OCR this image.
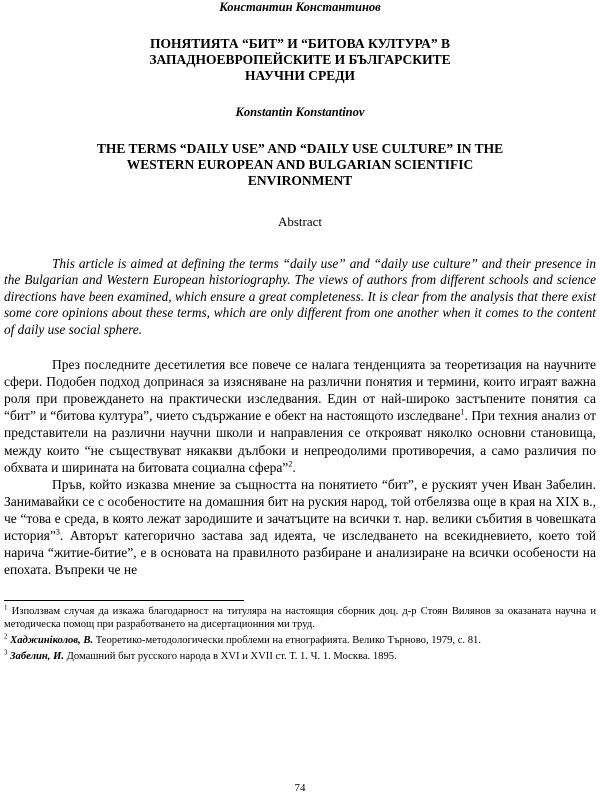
Константин Константинов

ПОНЯТИЯТА “БИТ” И “БИТОВА КУЛТУРА” В
ЗАПАДНОЕВРОПЕЙСКИТЕ И БЪЛГАРСКИТЕ
НАУЧНИ СРЕДИ

Konstantin Konstantinov

THE TERMS “DAILY USE” AND “DAILY USE CULTURE” IN THE
WESTERN EUROPEAN AND BULGARIAN SCIENTIFIC
ENVIRONMENT

Abstract

This article is aimed at defining the terms “daily use” and “daily use culture” and their presence in the Bulgarian and Western European historiography. The views of authors from different schools and science directions have been examined, which ensure a great completeness. It is clear from the analysis that there exist some core opinions about these terms, which are only different from one another when it comes to the content of daily use social sphere.

През последните десетилетия все повече се налага тенденцията за теоретизация на научните сфери. Подобен подход допринася за изясняване на различни понятия и термини, които играят важна роля при провеждането на практически изследвания. Един от най-широко застъпените понятия са “бит” и “битова култура”, чието съдържание е обект на настоящото изследване$^1$. При техния анализ от представители на различни научни школи и направления се открояват няколко основни становища, между които “не съществуват някакви дълбоки и непреодолими противоречия, а само различия по обхвата и ширината на битовата социална сфера”$^2$.

Пръв, който изказва мнение за същността на понятието “бит”, е руският учен Иван Забелин. Занимавайки се с особеностите на домашния бит на руския народ, той отбелязва още в края на XIX в., че “това е среда, в която лежат зародишите и зачатъците на всички т. нар. велики събития в човешката история”$^3$. Авторът категорично застава зад идеята, че изследването на всекидневието, което той нарича “житие-битие”, е в основата на правилното разбиране и анализиране на всички особености на епохата. Въпреки че не

$^1$ Използвам случая да изкажа благодарност на титуляра на настоящия сборник доц. д-р Стоян Вилянов за оказаната научна и методическа помощ при разработването на дисертационния ми труд.

$^2$ Хаджинiколов, В. Теоретико-методологически проблеми на етнографията. Велико Търново, 1979, с. 81.

$^3$ Забелин, И. Домашний быт русского народа в XVI и XVII ст. Т. 1. Ч. 1. Москва. 1895.

74
